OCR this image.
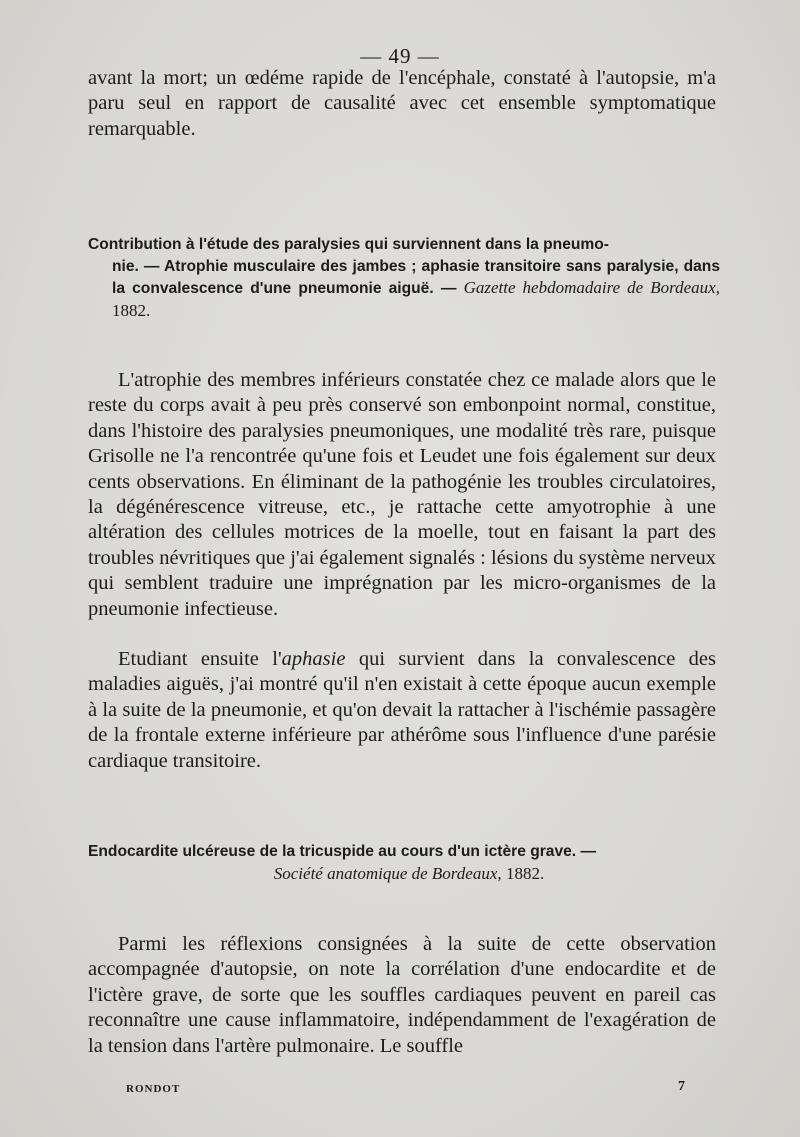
— 49 —

avant la mort; un œdéme rapide de l'encéphale, constaté à l'autopsie, m'a paru seul en rapport de causalité avec cet ensemble symptomatique remarquable.

Contribution à l'étude des paralysies qui surviennent dans la pneumo-
nie. — Atrophie musculaire des jambes ; aphasie transitoire sans paralysie, dans la convalescence d'une pneumonie aiguë. — Gazette hebdomadaire de Bordeaux, 1882.

L'atrophie des membres inférieurs constatée chez ce malade alors que le reste du corps avait à peu près conservé son embonpoint normal, constitue, dans l'histoire des paralysies pneumoniques, une modalité très rare, puisque Grisolle ne l'a rencontrée qu'une fois et Leudet une fois également sur deux cents observations. En éliminant de la pathogénie les troubles circulatoires, la dégénérescence vitreuse, etc., je rattache cette amyotrophie à une altération des cellules motrices de la moelle, tout en faisant la part des troubles névritiques que j'ai également signalés : lésions du système nerveux qui semblent traduire une imprégnation par les micro-organismes de la pneumonie infectieuse.

Etudiant ensuite l'aphasie qui survient dans la convalescence des maladies aiguës, j'ai montré qu'il n'en existait à cette époque aucun exemple à la suite de la pneumonie, et qu'on devait la rattacher à l'ischémie passagère de la frontale externe inférieure par athérôme sous l'influence d'une parésie cardiaque transitoire.

Endocardite ulcéreuse de la tricuspide au cours d'un ictère grave. —
Société anatomique de Bordeaux, 1882.

Parmi les réflexions consignées à la suite de cette observation accompagnée d'autopsie, on note la corrélation d'une endocardite et de l'ictère grave, de sorte que les souffles cardiaques peuvent en pareil cas reconnaître une cause inflammatoire, indépendamment de l'exagération de la tension dans l'artère pulmonaire. Le souffle

RONDOT	7
